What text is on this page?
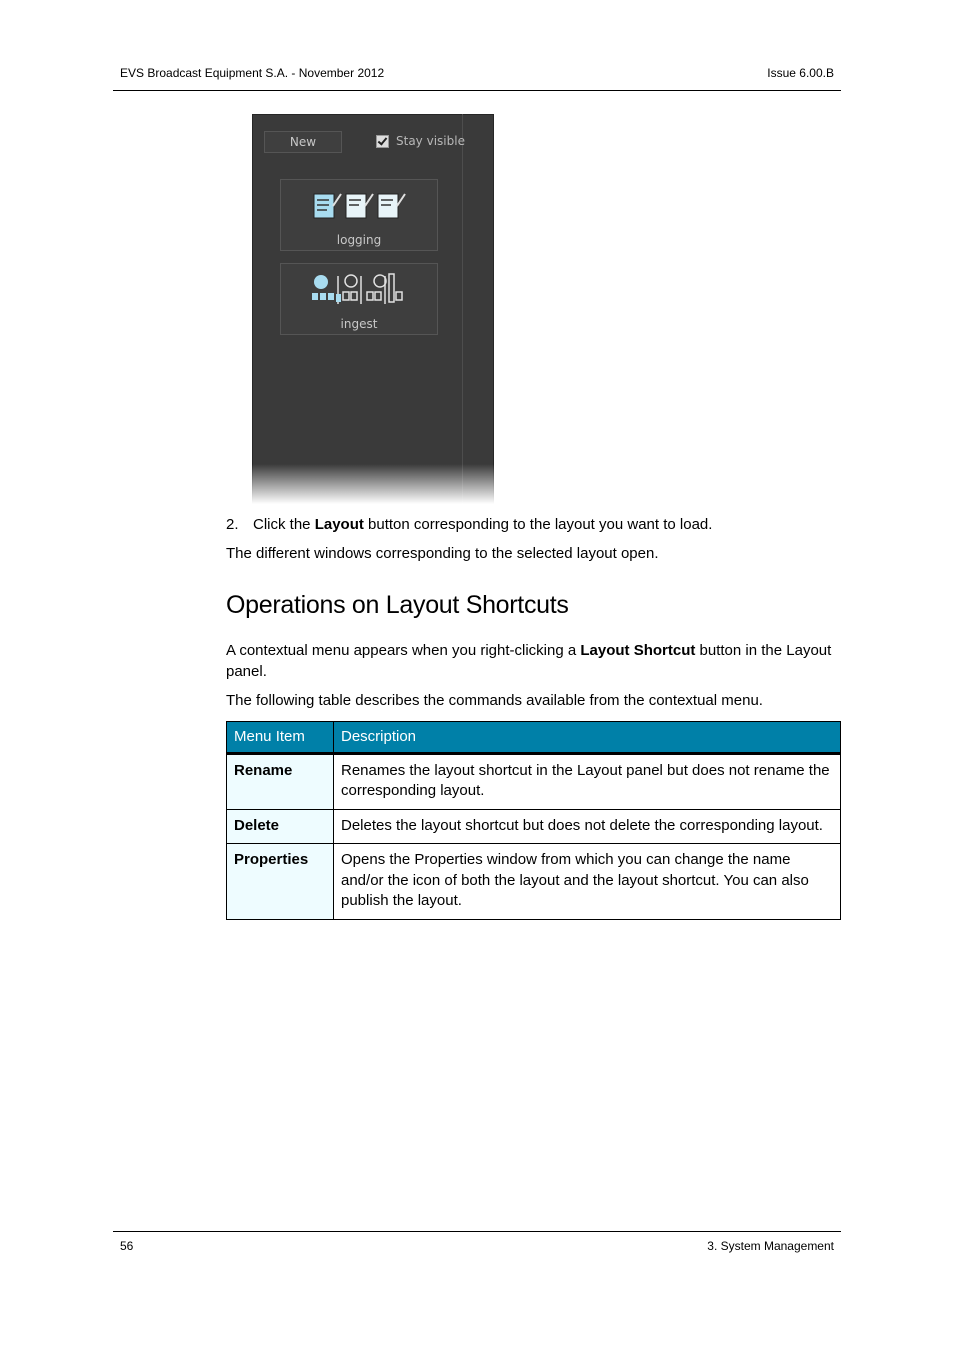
EVS Broadcast Equipment S.A. - November 2012	Issue 6.00.B
New	Stay visible
logging
ingest
2. Click the Layout button corresponding to the layout you want to load.
The different windows corresponding to the selected layout open.
Operations on Layout Shortcuts
A contextual menu appears when you right-clicking a Layout Shortcut button in the Layout panel.
The following table describes the commands available from the contextual menu.
Menu Item	Description
Rename	Renames the layout shortcut in the Layout panel but does not rename the corresponding layout.
Delete	Deletes the layout shortcut but does not delete the corresponding layout.
Properties	Opens the Properties window from which you can change the name and/or the icon of both the layout and the layout shortcut. You can also publish the layout.
56	3. System Management
